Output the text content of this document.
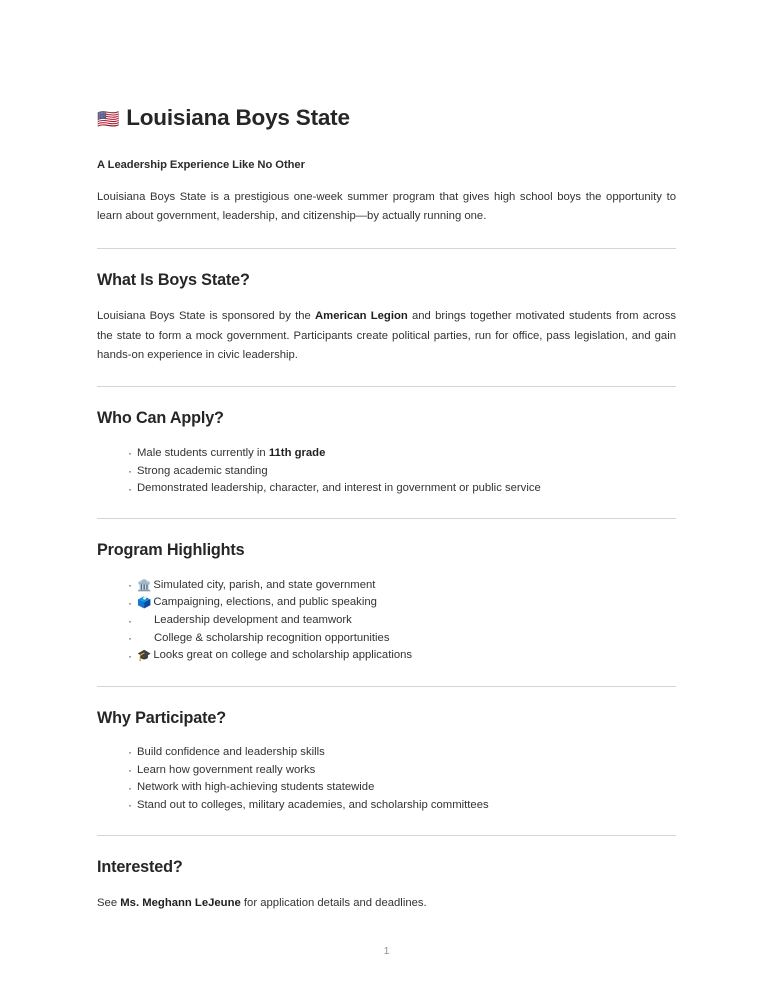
🇺🇸 Louisiana Boys State
A Leadership Experience Like No Other

Louisiana Boys State is a prestigious one-week summer program that gives high school boys the opportunity to learn about government, leadership, and citizenship—by actually running one.

What Is Boys State?

Louisiana Boys State is sponsored by the American Legion and brings together motivated students from across the state to form a mock government. Participants create political parties, run for office, pass legislation, and gain hands-on experience in civic leadership.

Who Can Apply?
· Male students currently in 11th grade
· Strong academic standing
· Demonstrated leadership, character, and interest in government or public service
Program Highlights
· 🏛️ Simulated city, parish, and state government
· 🗳️ Campaigning, elections, and public speaking
· Leadership development and teamwork
· College & scholarship recognition opportunities
· 🎓 Looks great on college and scholarship applications
Why Participate?
· Build confidence and leadership skills
· Learn how government really works
· Network with high-achieving students statewide
· Stand out to colleges, military academies, and scholarship committees
Interested?

See Ms. Meghann LeJeune for application details and deadlines.

1
